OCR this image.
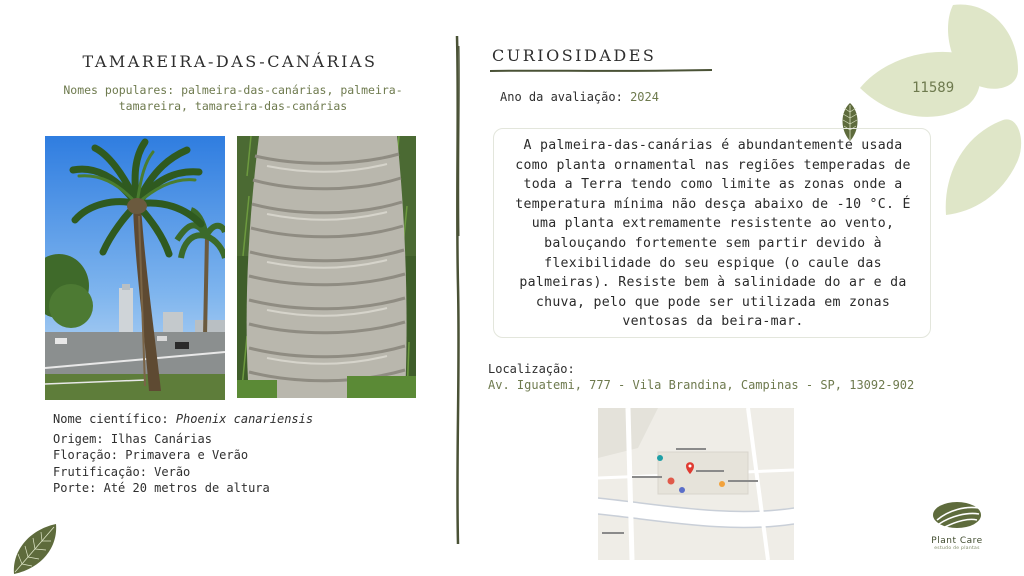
TAMAREIRA-DAS-CANÁRIAS
Nomes populares: palmeira-das-canárias, palmeira-tamareira, tamareira-das-canárias
Nome científico: Phoenix canariensis
Origem: Ilhas Canárias
Floração: Primavera e Verão
Frutificação: Verão
Porte: Até 20 metros de altura
CURIOSIDADES
Ano da avaliação: 2024
11589
A palmeira-das-canárias é abundantemente usada como planta ornamental nas regiões temperadas de toda a Terra tendo como limite as zonas onde a temperatura mínima não desça abaixo de -10 °C. É uma planta extremamente resistente ao vento, balouçando fortemente sem partir devido à flexibilidade do seu espique (o caule das palmeiras). Resiste bem à salinidade do ar e da chuva, pelo que pode ser utilizada em zonas ventosas da beira-mar.
Localização:
Av. Iguatemi, 777 - Vila Brandina, Campinas - SP, 13092-902
Plant Care
estudo de plantas
